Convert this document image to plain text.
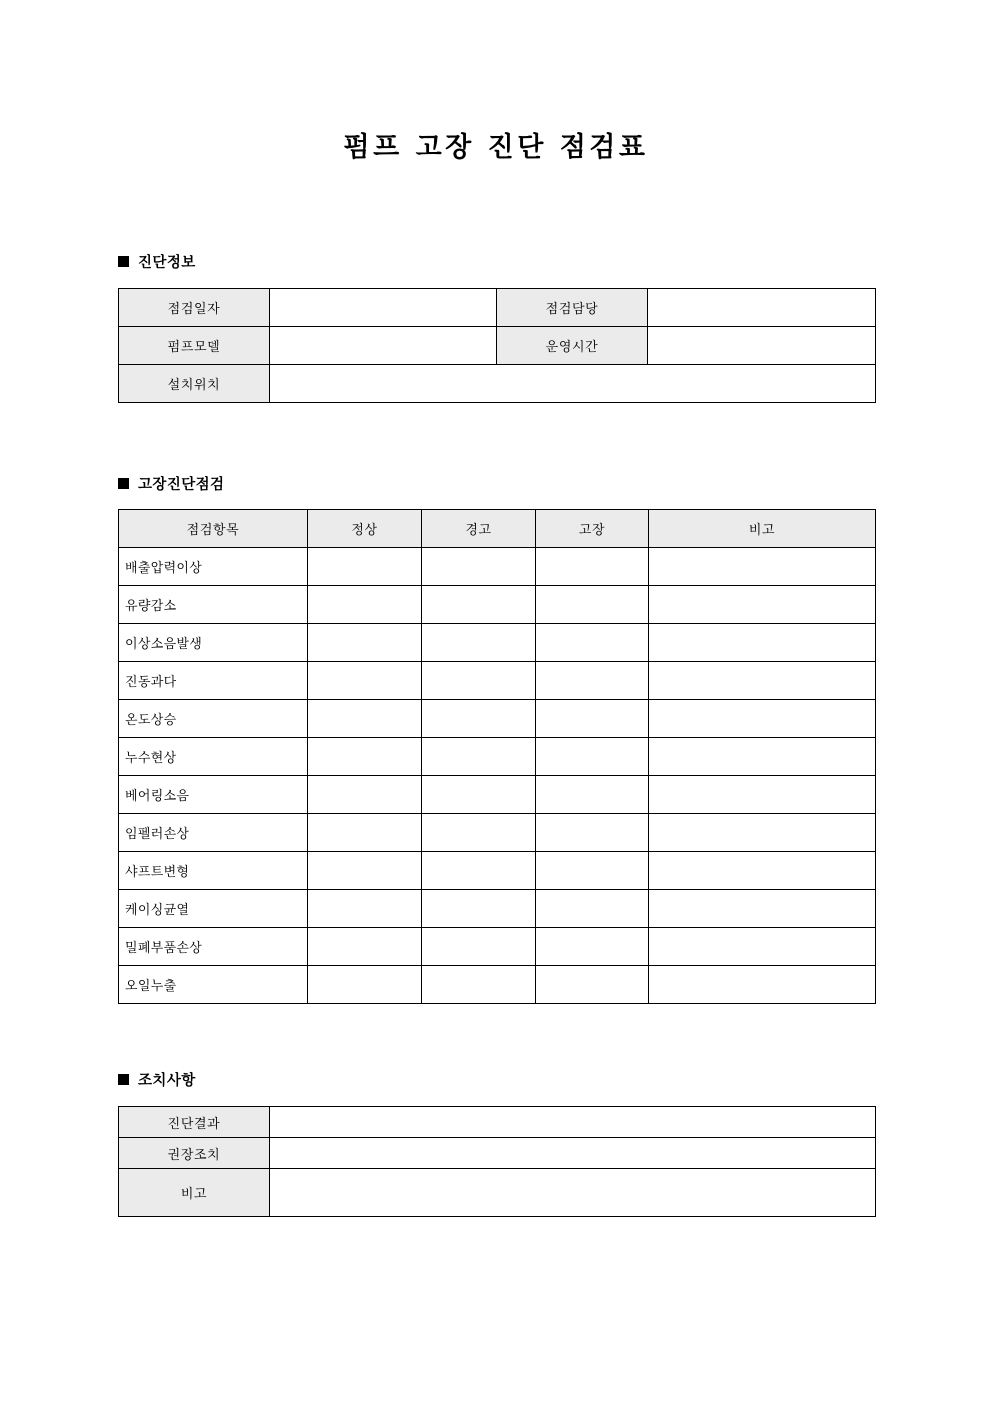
펌프 고장 진단 점검표
진단정보
점검일자		점검담당	
펌프모델		운영시간	
설치위치			
고장진단점검
점검항목	정상	경고	고장	비고
배출압력이상				
유량감소				
이상소음발생				
진동과다				
온도상승				
누수현상				
베어링소음				
임펠러손상				
샤프트변형				
케이싱균열				
밀폐부품손상				
오일누출				
조치사항
진단결과	
권장조치	
비고	
